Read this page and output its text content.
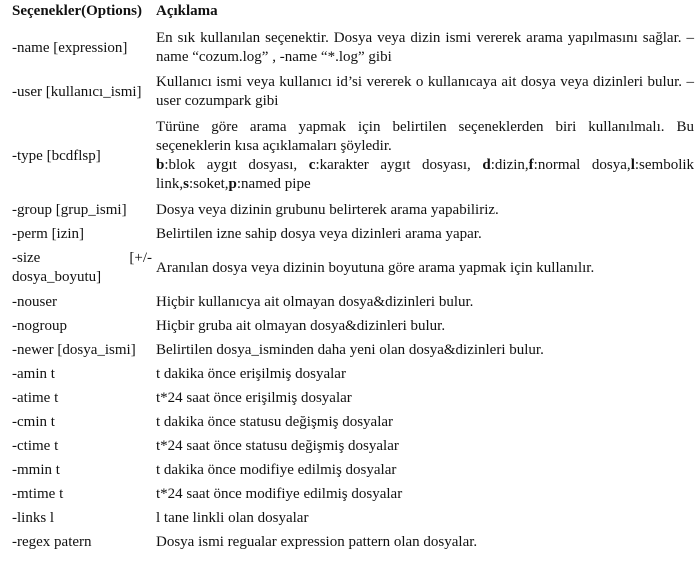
Seçenekler(Options)	Açıklama
-name [expression]	En sık kullanılan seçenektir. Dosya veya dizin ismi vererek arama yapılmasını sağlar. –name “cozum.log” , -name “*.log” gibi
-user [kullanıcı_ismi]	Kullanıcı ismi veya kullanıcı id’si vererek o kullanıcaya ait dosya veya dizinleri bulur. –user cozumpark gibi
-type [bcdflsp]	Türüne göre arama yapmak için belirtilen seçeneklerden biri kullanılmalı. Bu seçeneklerin kısa açıklamaları şöyledir.
b:blok aygıt dosyası, c:karakter aygıt dosyası, d:dizin,f:normal dosya,l:sembolik link,s:soket,p:named pipe

-group [grup_ismi]	Dosya veya dizinin grubunu belirterek arama yapabiliriz.
-perm [izin]	Belirtilen izne sahip dosya veya dizinleri arama yapar.

-size [+/-
dosya_boyutu]	Aranılan dosya veya dizinin boyutuna göre arama yapmak için kullanılır.
-nouser	Hiçbir kullanıcya ait olmayan dosya&dizinleri bulur.
-nogroup	Hiçbir gruba ait olmayan dosya&dizinleri bulur.
-newer [dosya_ismi]	Belirtilen dosya_isminden daha yeni olan dosya&dizinleri bulur.
-amin t	t dakika önce erişilmiş dosyalar
-atime t	t*24 saat önce erişilmiş dosyalar
-cmin t	t dakika önce statusu değişmiş dosyalar
-ctime t	t*24 saat önce statusu değişmiş dosyalar
-mmin t	t dakika önce modifiye edilmiş dosyalar
-mtime t	t*24 saat önce modifiye edilmiş dosyalar
-links l	l tane linkli olan dosyalar
-regex patern	Dosya ismi regualar expression pattern olan dosyalar.
